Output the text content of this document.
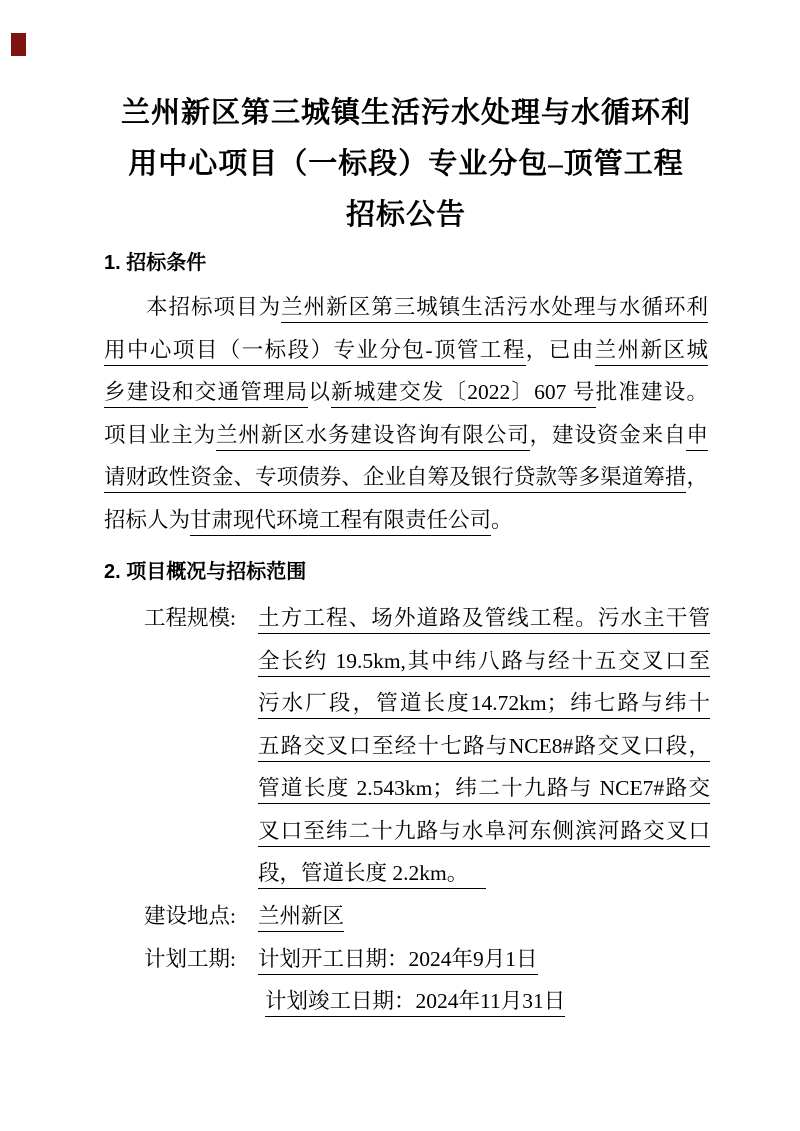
兰州新区第三城镇生活污水处理与水循环利
用中心项目（一标段）专业分包–顶管工程
招标公告
1. 招标条件
本招标项目为兰州新区第三城镇生活污水处理与水循环利
用中心项目（一标段）专业分包-顶管工程，已由兰州新区城
乡建设和交通管理局以新城建交发〔2022〕607 号批准建设。
项目业主为兰州新区水务建设咨询有限公司，建设资金来自申
请财政性资金、专项债券、企业自筹及银行贷款等多渠道筹措，
招标人为甘肃现代环境工程有限责任公司。
2. 项目概况与招标范围
工程规模: 土方工程、场外道路及管线工程。污水主干管
全长约 19.5km,其中纬八路与经十五交叉口至
污水厂段，管道长度14.72km；纬七路与纬十
五路交叉口至经十七路与NCE8#路交叉口段，
管道长度 2.543km；纬二十九路与 NCE7#路交
叉口至纬二十九路与水阜河东侧滨河路交叉口
段，管道长度 2.2km。
建设地点: 兰州新区
计划工期: 计划开工日期：2024年9月1日
计划竣工日期：2024年11月31日
